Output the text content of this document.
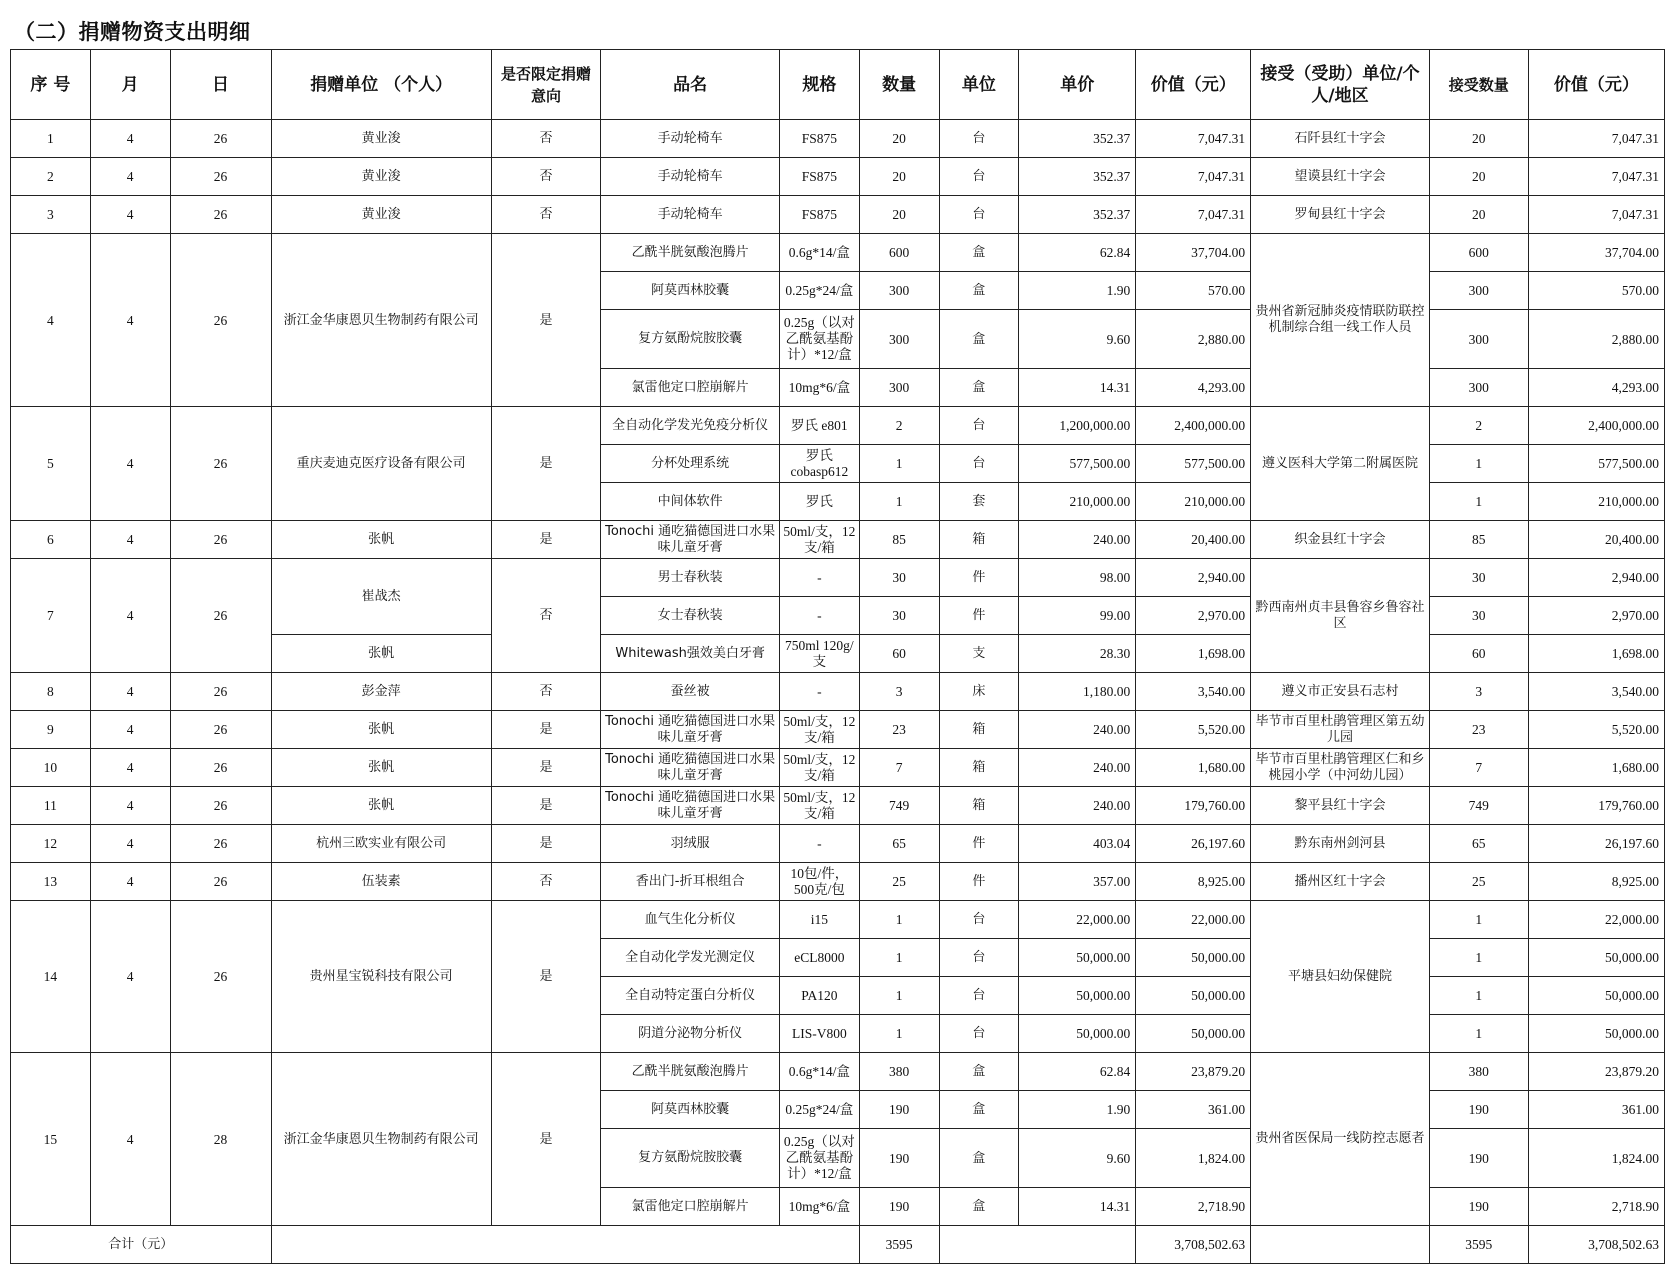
（二）捐赠物资支出明细
序 号	月	日	捐赠单位 （个人）	是否限定捐赠意向	品名	规格	数量	单位	单价	价值（元）	接受（受助）单位/个人/地区	接受数量	价值（元）
1	4	26	黄业浚	否	手动轮椅车	FS875	20	台	352.37	7,047.31	石阡县红十字会	20	7,047.31
2	4	26	黄业浚	否	手动轮椅车	FS875	20	台	352.37	7,047.31	望谟县红十字会	20	7,047.31
3	4	26	黄业浚	否	手动轮椅车	FS875	20	台	352.37	7,047.31	罗甸县红十字会	20	7,047.31
4	4	26	浙江金华康恩贝生物制药有限公司	是	乙酰半胱氨酸泡腾片	0.6g*14/盒	600	盒	62.84	37,704.00	贵州省新冠肺炎疫情联防联控机制综合组一线工作人员	600	37,704.00
					阿莫西林胶囊	0.25g*24/盒	300	盒	1.90	570.00		300	570.00
					复方氨酚烷胺胶囊	0.25g（以对乙酰氨基酚计）*12/盒	300	盒	9.60	2,880.00		300	2,880.00
					氯雷他定口腔崩解片	10mg*6/盒	300	盒	14.31	4,293.00		300	4,293.00
5	4	26	重庆麦迪克医疗设备有限公司	是	全自动化学发光免疫分析仪	罗氏 e801	2	台	1,200,000.00	2,400,000.00	遵义医科大学第二附属医院	2	2,400,000.00
					分杯处理系统	罗氏 cobasp612	1	台	577,500.00	577,500.00		1	577,500.00
					中间体软件	罗氏	1	套	210,000.00	210,000.00		1	210,000.00
6	4	26	张帆	是	Tonochi 通吃猫德国进口水果味儿童牙膏	50ml/支，12支/箱	85	箱	240.00	20,400.00	织金县红十字会	85	20,400.00
7	4	26	崔战杰	否	男士春秋装	-	30	件	98.00	2,940.00	黔西南州贞丰县鲁容乡鲁容社区	30	2,940.00
					女士春秋装	-	30	件	99.00	2,970.00		30	2,970.00
			张帆		Whitewash强效美白牙膏	750ml 120g/支	60	支	28.30	1,698.00		60	1,698.00
8	4	26	彭金萍	否	蚕丝被	-	3	床	1,180.00	3,540.00	遵义市正安县石志村	3	3,540.00
9	4	26	张帆	是	Tonochi 通吃猫德国进口水果味儿童牙膏	50ml/支，12支/箱	23	箱	240.00	5,520.00	毕节市百里杜鹃管理区第五幼儿园	23	5,520.00
10	4	26	张帆	是	Tonochi 通吃猫德国进口水果味儿童牙膏	50ml/支，12支/箱	7	箱	240.00	1,680.00	毕节市百里杜鹃管理区仁和乡桃园小学（中河幼儿园）	7	1,680.00
11	4	26	张帆	是	Tonochi 通吃猫德国进口水果味儿童牙膏	50ml/支，12支/箱	749	箱	240.00	179,760.00	黎平县红十字会	749	179,760.00
12	4	26	杭州三欧实业有限公司	是	羽绒服	-	65	件	403.04	26,197.60	黔东南州剑河县	65	26,197.60
13	4	26	伍装素	否	香出门-折耳根组合	10包/件，500克/包	25	件	357.00	8,925.00	播州区红十字会	25	8,925.00
14	4	26	贵州星宝锐科技有限公司	是	血气生化分析仪	i15	1	台	22,000.00	22,000.00	平塘县妇幼保健院	1	22,000.00
					全自动化学发光测定仪	eCL8000	1	台	50,000.00	50,000.00		1	50,000.00
					全自动特定蛋白分析仪	PA120	1	台	50,000.00	50,000.00		1	50,000.00
					阴道分泌物分析仪	LIS-V800	1	台	50,000.00	50,000.00		1	50,000.00
15	4	28	浙江金华康恩贝生物制药有限公司	是	乙酰半胱氨酸泡腾片	0.6g*14/盒	380	盒	62.84	23,879.20	贵州省医保局一线防控志愿者	380	23,879.20
					阿莫西林胶囊	0.25g*24/盒	190	盒	1.90	361.00		190	361.00
					复方氨酚烷胺胶囊	0.25g（以对乙酰氨基酚计）*12/盒	190	盒	9.60	1,824.00		190	1,824.00
					氯雷他定口腔崩解片	10mg*6/盒	190	盒	14.31	2,718.90		190	2,718.90
合计（元）							3595			3,708,502.63		3595	3,708,502.63
